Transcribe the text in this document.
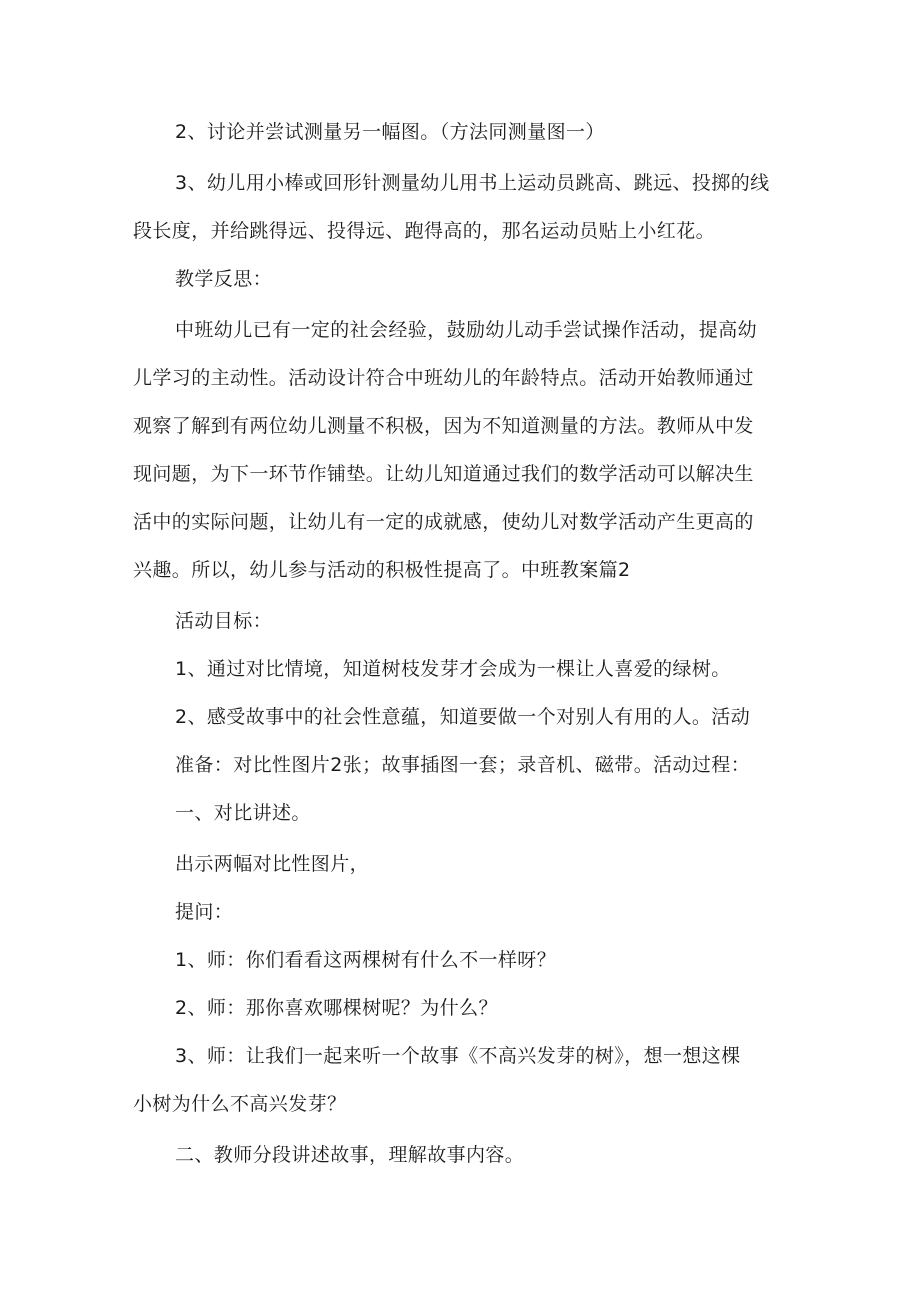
2、讨论并尝试测量另一幅图。（方法同测量图一）
3、幼儿用小棒或回形针测量幼儿用书上运动员跳高、跳远、投掷的线
段长度，并给跳得远、投得远、跑得高的，那名运动员贴上小红花。
教学反思：
中班幼儿已有一定的社会经验，鼓励幼儿动手尝试操作活动，提高幼
儿学习的主动性。活动设计符合中班幼儿的年龄特点。活动开始教师通过
观察了解到有两位幼儿测量不积极，因为不知道测量的方法。教师从中发
现问题，为下一环节作铺垫。让幼儿知道通过我们的数学活动可以解决生
活中的实际问题，让幼儿有一定的成就感，使幼儿对数学活动产生更高的
兴趣。所以，幼儿参与活动的积极性提高了。中班教案篇2
活动目标：
1、通过对比情境，知道树枝发芽才会成为一棵让人喜爱的绿树。
2、感受故事中的社会性意蕴，知道要做一个对别人有用的人。活动
准备：对比性图片2张；故事插图一套；录音机、磁带。活动过程：
一、对比讲述。
出示两幅对比性图片，
提问：
1、师：你们看看这两棵树有什么不一样呀？
2、师：那你喜欢哪棵树呢？为什么？
3、师：让我们一起来听一个故事《不高兴发芽的树》，想一想这棵
小树为什么不高兴发芽？
二、教师分段讲述故事，理解故事内容。
